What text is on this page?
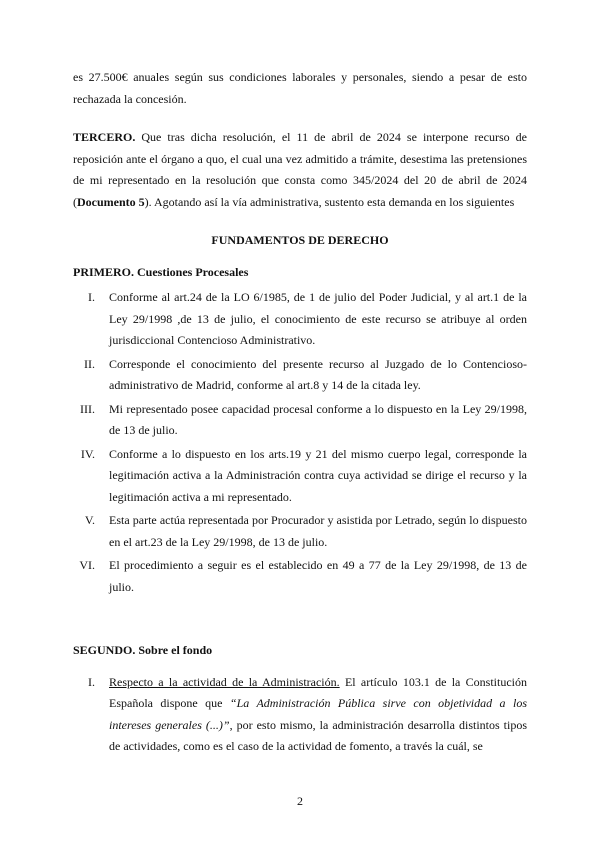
es 27.500€ anuales según sus condiciones laborales y personales, siendo a pesar de esto rechazada la concesión.

TERCERO. Que tras dicha resolución, el 11 de abril de 2024 se interpone recurso de reposición ante el órgano a quo, el cual una vez admitido a trámite, desestima las pretensiones de mi representado en la resolución que consta como 345/2024 del 20 de abril de 2024 (Documento 5). Agotando así la vía administrativa, sustento esta demanda en los siguientes

FUNDAMENTOS DE DERECHO
PRIMERO. Cuestiones Procesales
I. Conforme al art.24 de la LO 6/1985, de 1 de julio del Poder Judicial, y al art.1 de la Ley 29/1998 ,de 13 de julio, el conocimiento de este recurso se atribuye al orden jurisdiccional Contencioso Administrativo.
II. Corresponde el conocimiento del presente recurso al Juzgado de lo Contencioso-administrativo de Madrid, conforme al art.8 y 14 de la citada ley.
III. Mi representado posee capacidad procesal conforme a lo dispuesto en la Ley 29/1998, de 13 de julio.
IV. Conforme a lo dispuesto en los arts.19 y 21 del mismo cuerpo legal, corresponde la legitimación activa a la Administración contra cuya actividad se dirige el recurso y la legitimación activa a mi representado.
V. Esta parte actúa representada por Procurador y asistida por Letrado, según lo dispuesto en el art.23 de la Ley 29/1998, de 13 de julio.
VI. El procedimiento a seguir es el establecido en 49 a 77 de la Ley 29/1998, de 13 de julio.
SEGUNDO. Sobre el fondo
I. Respecto a la actividad de la Administración. El artículo 103.1 de la Constitución Española dispone que “La Administración Pública sirve con objetividad a los intereses generales (...)”, por esto mismo, la administración desarrolla distintos tipos de actividades, como es el caso de la actividad de fomento, a través la cuál, se
2
